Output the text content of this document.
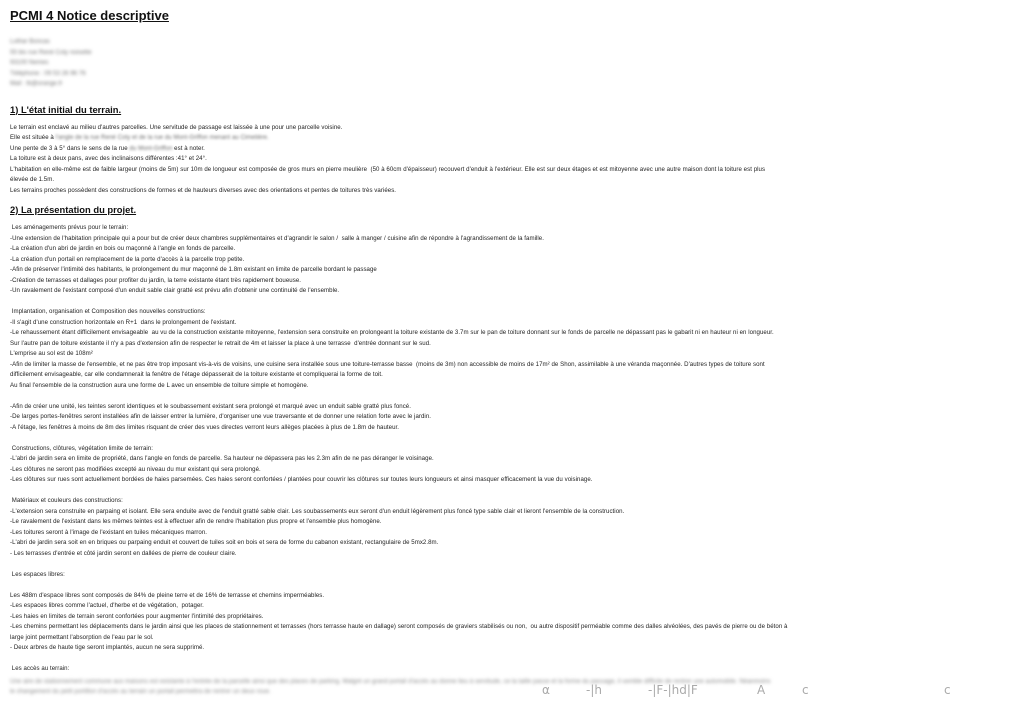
PCMI 4 Notice descriptive
Lothar Boncas
55 bis rue René Coty noisette
93100 Nemes
Téléphone : 09 53 26 96 76
Mail : lb@orange.fr
1) L'état initial du terrain.

Le terrain est enclavé au milieu d'autres parcelles. Une servitude de passage est laissée à une pour une parcelle voisine.

Elle est située à l'angle de la rue René Coty et de la rue du Mont-Griffon menant au Cimetière.

Une pente de 3 à 5° dans le sens de la rue du Mont-Griffon est à noter.

La toiture est à deux pans, avec des inclinaisons différentes :41° et 24°.

L'habitation en elle-même est de faible largeur (moins de 5m) sur 10m de longueur est composée de gros murs en pierre meulière  (50 à 60cm d'épaisseur) recouvert d'enduit à l'extérieur. Elle est sur deux étages et est mitoyenne avec une autre maison dont la toiture est plus

élevée de 1.5m.

Les terrains proches possèdent des constructions de formes et de hauteurs diverses avec des orientations et pentes de toitures très variées.

2) La présentation du projet.

Les aménagements prévus pour le terrain:

-Une extension de l'habitation principale qui a pour but de créer deux chambres supplémentaires et d'agrandir le salon /  salle à manger / cuisine afin de répondre à l'agrandissement de la famille.

-La création d'un abri de jardin en bois ou maçonné à l'angle en fonds de parcelle.

-La création d'un portail en remplacement de la porte d'accès à la parcelle trop petite.

-Afin de préserver l'intimité des habitants, le prolongement du mur maçonné de 1.8m existant en limite de parcelle bordant le passage

-Création de terrasses et dallages pour profiter du jardin, la terre existante étant très rapidement boueuse.

-Un ravalement de l'existant composé d'un enduit sable clair gratté est prévu afin d'obtenir une continuité de l'ensemble.

Implantation, organisation et Composition des nouvelles constructions:

-Il s'agit d'une construction horizontale en R+1  dans le prolongement de l'existant.

-Le rehaussement étant difficilement envisageable  au vu de la construction existante mitoyenne, l'extension sera construite en prolongeant la toiture existante de 3.7m sur le pan de toiture donnant sur le fonds de parcelle ne dépassant pas le gabarit ni en hauteur ni en longueur.

Sur l'autre pan de toiture existante il n'y a pas d'extension afin de respecter le retrait de 4m et laisser la place à une terrasse  d'entrée donnant sur le sud.

L'emprise au sol est de 108m²

-Afin de limiter la masse de l'ensemble, et ne pas être trop imposant vis-à-vis de voisins, une cuisine sera installée sous une toiture-terrasse basse  (moins de 3m) non accessible de moins de 17m² de Shon, assimilable à une véranda maçonnée. D'autres types de toiture sont

difficilement envisageable, car elle condamnerait la fenêtre de l'étage dépasserait de la toiture existante et compliquerai la forme de toit.

Au final l'ensemble de la construction aura une forme de L avec un ensemble de toiture simple et homogène.

-Afin de créer une unité, les teintes seront identiques et le soubassement existant sera prolongé et marqué avec un enduit sable gratté plus foncé.

-De larges portes-fenêtres seront installées afin de laisser entrer la lumière, d'organiser une vue traversante et de donner une relation forte avec le jardin.

-A l'étage, les fenêtres à moins de 8m des limites risquant de créer des vues directes verront leurs allèges placées à plus de 1.8m de hauteur.

Constructions, clôtures, végétation limite de terrain:

-L'abri de jardin sera en limite de propriété, dans l'angle en fonds de parcelle. Sa hauteur ne dépassera pas les 2.3m afin de ne pas déranger le voisinage.

-Les clôtures ne seront pas modifiées excepté au niveau du mur existant qui sera prolongé.

-Les clôtures sur rues sont actuellement bordées de haies parsemées. Ces haies seront confortées / plantées pour couvrir les clôtures sur toutes leurs longueurs et ainsi masquer efficacement la vue du voisinage.

Matériaux et couleurs des constructions:

-L'extension sera construite en parpaing et isolant. Elle sera enduite avec de l'enduit gratté sable clair. Les soubassements eux seront d'un enduit légèrement plus foncé type sable clair et lieront l'ensemble de la construction.

-Le ravalement de l'existant dans les mêmes teintes est à effectuer afin de rendre l'habitation plus propre et l'ensemble plus homogène.

-Les toitures seront à l'image de l'existant en tuiles mécaniques marron.

-L'abri de jardin sera soit en en briques ou parpaing enduit et couvert de tuiles soit en bois et sera de forme du cabanon existant, rectangulaire de 5mx2.8m.

- Les terrasses d'entrée et côté jardin seront en dallées de pierre de couleur claire.

Les espaces libres:

Les 488m d'espace libres sont composés de 84% de pleine terre et de 16% de terrasse et chemins imperméables.

-Les espaces libres comme l'actuel, d'herbe et de végétation,  potager.

-Les haies en limites de terrain seront confortées pour augmenter l'intimité des propriétaires.

-Les chemins permettant les déplacements dans le jardin ainsi que les places de stationnement et terrasses (hors terrasse haute en dallage) seront composés de graviers stabilisés ou non,  ou autre dispositif perméable comme des dalles alvéolées, des pavés de pierre ou de béton à

large joint permettant l'absorption de l'eau par le sol.

- Deux arbres de haute tige seront implantés, aucun ne sera supprimé.

Les accès au terrain:

Une aire de stationnement commune aux maisons est existante à l'entrée de la parcelle ainsi que des places de parking. Malgré un grand portail d'accès au donne lieu à servitude, ce la taille passe et la forme du passage, il semble difficile de rentrer une automobile. Néanmoins

le changement du petit portillon d'accès au terrain un portail permettra de rentrer un deux roue.	α	-|h	-|F-|hd|F	A	c	c
